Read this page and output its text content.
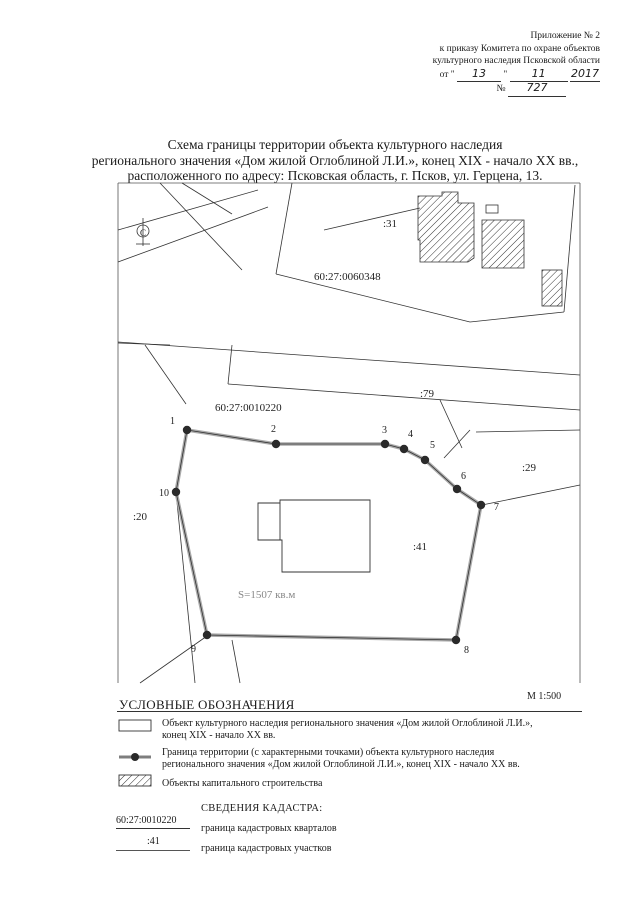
Приложение № 2
к приказу Комитета по охране объектов
культурного наследия Псковской области
от " 13 " 11 2017
№ 727
Схема границы территории объекта культурного наследия
регионального значения «Дом жилой Оглоблиной Л.И.», конец XIX - начало XX вв.,
расположенного по адресу: Псковская область, г. Псков, ул. Герцена, 13.
С
1
2	3 4
5
6
7
8
9
10
:31
60:27:0060348
:79
60:27:0010220
:29
:20
:41
S=1507 кв.м
УСЛОВНЫЕ ОБОЗНАЧЕНИЯ
М 1:500
Объект культурного наследия регионального значения «Дом жилой Оглоблиной Л.И.»,
конец XIX - начало XX вв.
Граница территории (с характерными точками) объекта культурного наследия
регионального значения «Дом жилой Оглоблиной Л.И.», конец XIX - начало XX вв.
Объекты капитального строительства
СВЕДЕНИЯ КАДАСТРА:
60:27:0010220
граница кадастровых кварталов
:41
граница кадастровых участков
